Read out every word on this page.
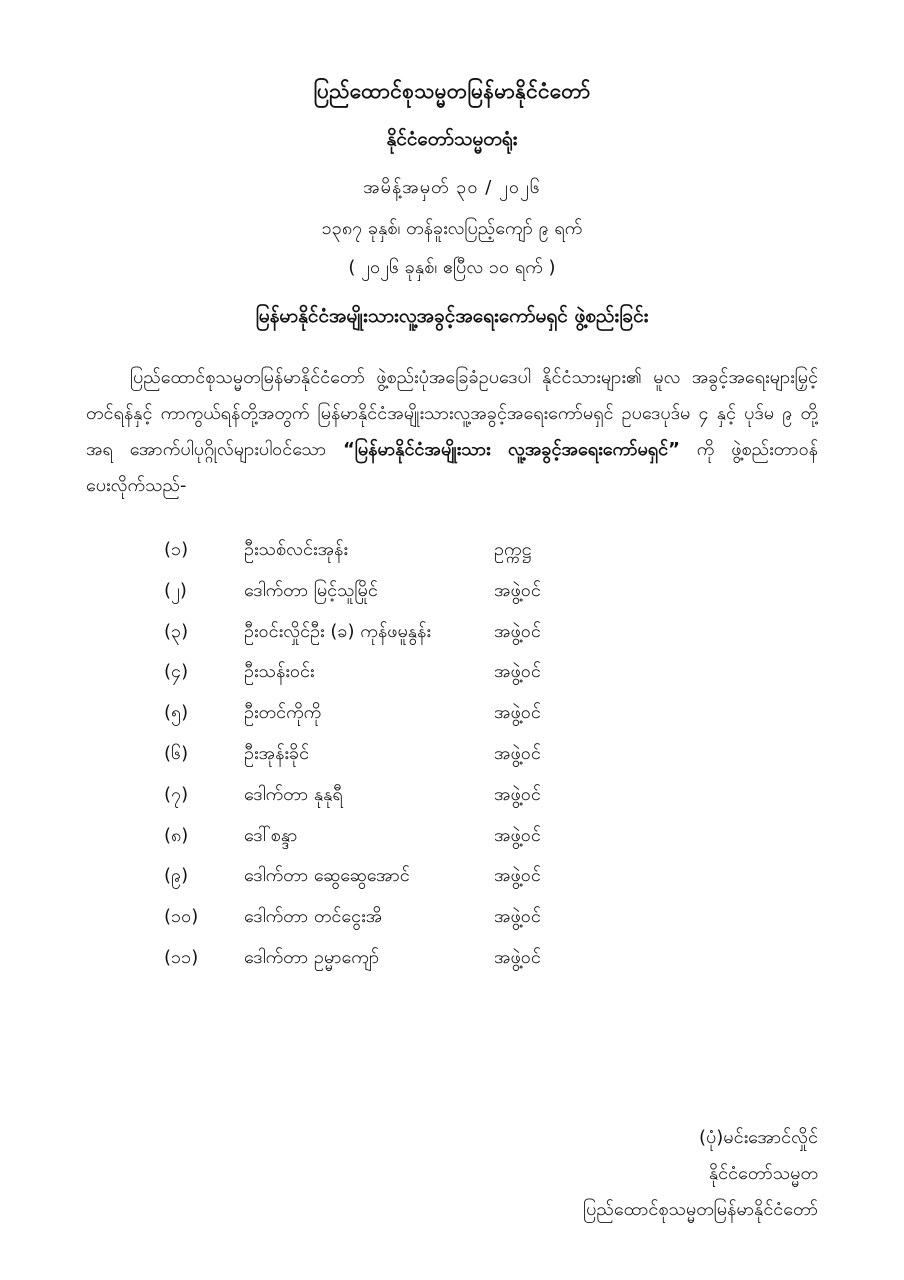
ပြည်ထောင်စုသမ္မတမြန်မာနိုင်ငံတော်
နိုင်ငံတော်သမ္မတရုံး
အမိန့်အမှတ် ၃၀ / ၂၀၂၆
၁၃၈၇ ခုနှစ်၊ တန်ခူးလပြည့်ကျော် ၉ ရက်
( ၂၀၂၆ ခုနှစ်၊ ဧပြီလ ၁၀ ရက် )
မြန်မာနိုင်ငံအမျိုးသားလူ့အခွင့်အရေးကော်မရှင် ဖွဲ့စည်းခြင်း

ပြည်ထောင်စုသမ္မတမြန်မာနိုင်ငံတော် ဖွဲ့စည်းပုံအခြေခံဥပဒေပါ နိုင်ငံသားများ၏ မူလ အခွင့်အရေးများမြှင့်တင်ရန်နှင့် ကာကွယ်ရန်တို့အတွက် မြန်မာနိုင်ငံအမျိုးသားလူ့အခွင့်အရေးကော်မရှင် ဥပဒေပုဒ်မ ၄ နှင့် ပုဒ်မ ၉ တို့အရ အောက်ပါပုဂ္ဂိုလ်များပါဝင်သော “မြန်မာနိုင်ငံအမျိုးသား လူ့အခွင့်အရေးကော်မရှင်” ကို ဖွဲ့စည်းတာဝန်ပေးလိုက်သည်-

(၁)	ဦးသစ်လင်းအုန်း	ဥက္ကဋ္ဌ
(၂)	ဒေါက်တာ မြင့်သူမြိုင်	အဖွဲ့ဝင်
(၃)	ဦးဝင်းလှိုင်ဦး (ခ) ကုန်ဖမူနွန်း	အဖွဲ့ဝင်
(၄)	ဦးသန်းဝင်း	အဖွဲ့ဝင်
(၅)	ဦးတင်ကိုကို	အဖွဲ့ဝင်
(၆)	ဦးအုန်းခိုင်	အဖွဲ့ဝင်
(၇)	ဒေါက်တာ နုနုရီ	အဖွဲ့ဝင်
(၈)	ဒေါ်စန္ဒာ	အဖွဲ့ဝင်
(၉)	ဒေါက်တာ ဆွေဆွေအောင်	အဖွဲ့ဝင်
(၁၀)	ဒေါက်တာ တင်ငွေးအိ	အဖွဲ့ဝင်
(၁၁)	ဒေါက်တာ ဥမ္မာကျော်	အဖွဲ့ဝင်
(ပုံ)မင်းအောင်လှိုင်
နိုင်ငံတော်သမ္မတ
ပြည်ထောင်စုသမ္မတမြန်မာနိုင်ငံတော်
